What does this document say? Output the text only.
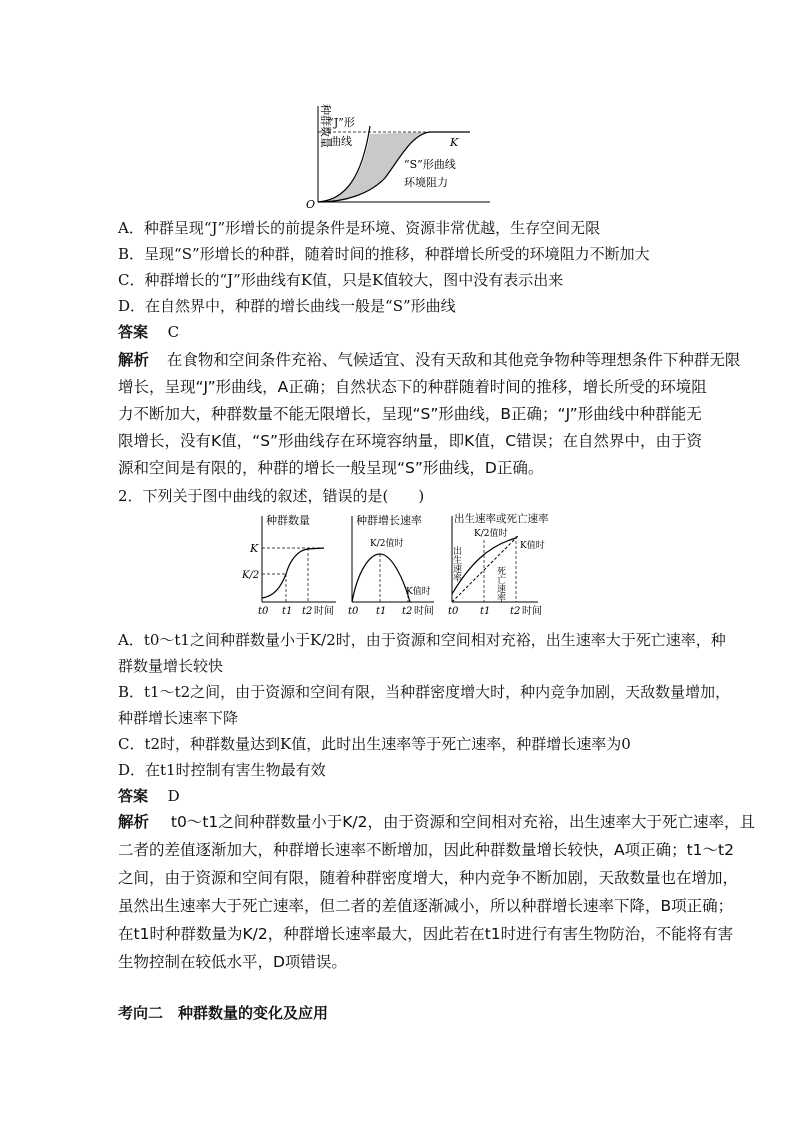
种群数量
O
“J”形
曲线	K
“S”形曲线
环境阻力
A．种群呈现“J”形增长的前提条件是环境、资源非常优越，生存空间无限
B．呈现“S”形增长的种群，随着时间的推移，种群增长所受的环境阻力不断加大
C．种群增长的“J”形曲线有K值，只是K值较大，图中没有表示出来
D．在自然界中，种群的增长曲线一般是“S”形曲线
答案 C
解析 在食物和空间条件充裕、气候适宜、没有天敌和其他竞争物种等理想条件下种群无限
增长，呈现“J”形曲线，A正确；自然状态下的种群随着时间的推移，增长所受的环境阻
力不断加大，种群数量不能无限增长，呈现“S”形曲线，B正确；“J”形曲线中种群能无
限增长，没有K值，“S”形曲线存在环境容纳量，即K值，C错误；在自然界中，由于资
源和空间是有限的，种群的增长一般呈现“S”形曲线，D正确。
2．下列关于图中曲线的叙述，错误的是(　　)
种群数量
K
K/2
t0 t1 t2 时间
种群增长速率
K/2值时
K值时
t0 t1 t2 时间
出生速率或死亡速率
K/2值时
K值时
出生速率
死亡速率
t0 t1 t2 时间
A．t0～t1之间种群数量小于K/2时，由于资源和空间相对充裕，出生速率大于死亡速率，种
群数量增长较快
B．t1～t2之间，由于资源和空间有限，当种群密度增大时，种内竞争加剧，天敌数量增加，
种群增长速率下降
C．t2时，种群数量达到K值，此时出生速率等于死亡速率，种群增长速率为0
D．在t1时控制有害生物最有效
答案 D
解析 t0～t1之间种群数量小于K/2，由于资源和空间相对充裕，出生速率大于死亡速率，且
二者的差值逐渐加大，种群增长速率不断增加，因此种群数量增长较快，A项正确；t1～t2
之间，由于资源和空间有限，随着种群密度增大，种内竞争不断加剧，天敌数量也在增加，
虽然出生速率大于死亡速率，但二者的差值逐渐减小，所以种群增长速率下降，B项正确；
在t1时种群数量为K/2，种群增长速率最大，因此若在t1时进行有害生物防治，不能将有害
生物控制在较低水平，D项错误。
考向二　种群数量的变化及应用
